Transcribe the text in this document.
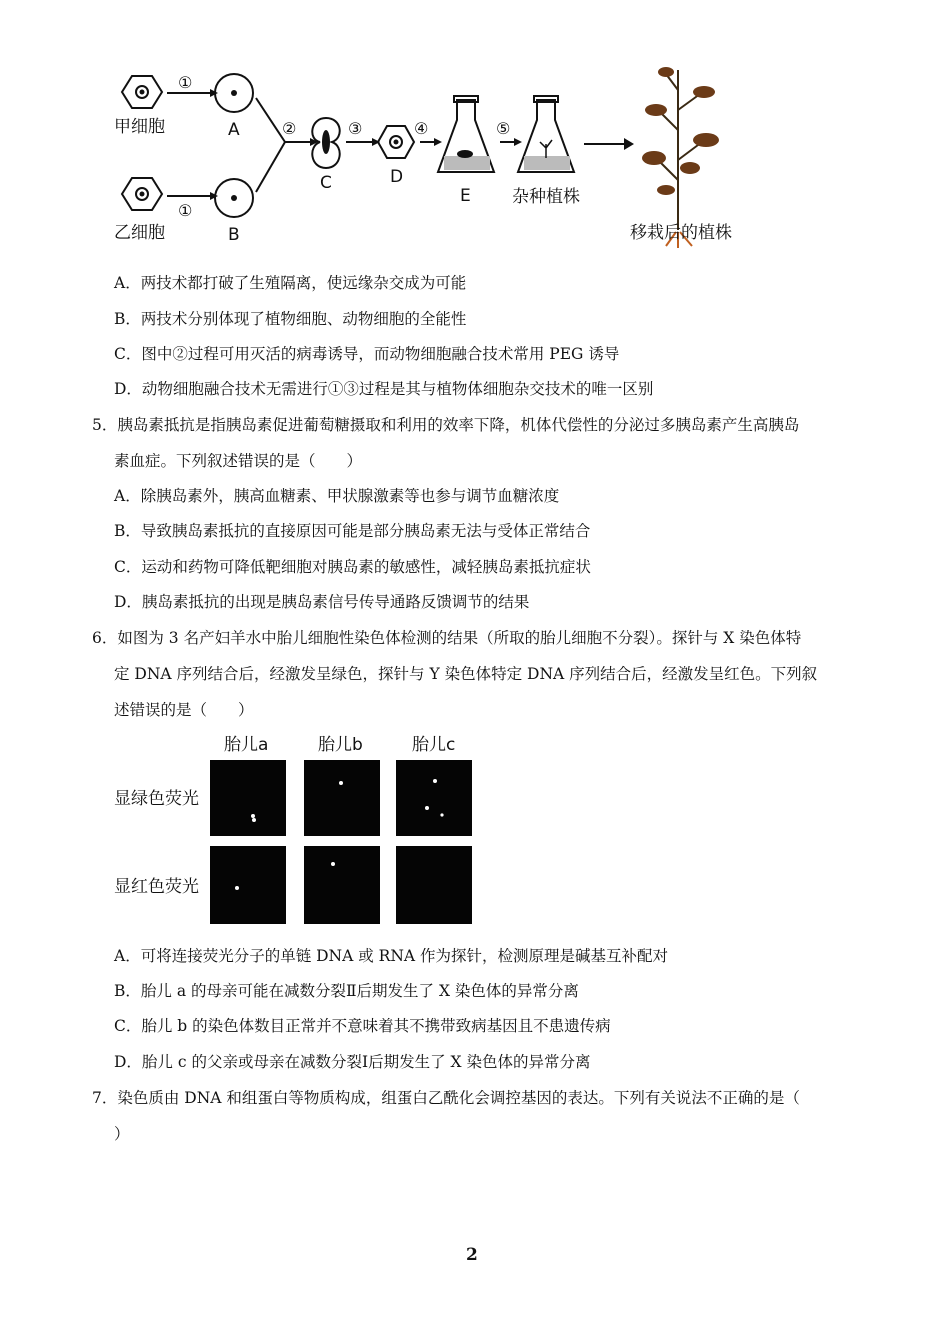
甲细胞
乙细胞
A
B
C	D
E 杂种植株
移栽后的植株
①
①
②	③	④	⑤
A．两技术都打破了生殖隔离，使远缘杂交成为可能
B．两技术分别体现了植物细胞、动物细胞的全能性
C．图中②过程可用灭活的病毒诱导，而动物细胞融合技术常用 PEG 诱导
D．动物细胞融合技术无需进行①③过程是其与植物体细胞杂交技术的唯一区别
5．胰岛素抵抗是指胰岛素促进葡萄糖摄取和利用的效率下降，机体代偿性的分泌过多胰岛素产生高胰岛
素血症。下列叙述错误的是（　　）
A．除胰岛素外，胰高血糖素、甲状腺激素等也参与调节血糖浓度
B．导致胰岛素抵抗的直接原因可能是部分胰岛素无法与受体正常结合
C．运动和药物可降低靶细胞对胰岛素的敏感性，减轻胰岛素抵抗症状
D．胰岛素抵抗的出现是胰岛素信号传导通路反馈调节的结果
6．如图为 3 名产妇羊水中胎儿细胞性染色体检测的结果（所取的胎儿细胞不分裂）。探针与 X 染色体特
定 DNA 序列结合后，经激发呈绿色，探针与 Y 染色体特定 DNA 序列结合后，经激发呈红色。下列叙
述错误的是（　　）
胎儿a	胎儿b	胎儿c
显绿色荧光
显红色荧光
A．可将连接荧光分子的单链 DNA 或 RNA 作为探针，检测原理是碱基互补配对
B．胎儿 a 的母亲可能在减数分裂Ⅱ后期发生了 X 染色体的异常分离
C．胎儿 b 的染色体数目正常并不意味着其不携带致病基因且不患遗传病
D．胎儿 c 的父亲或母亲在减数分裂Ⅰ后期发生了 X 染色体的异常分离
7．染色质由 DNA 和组蛋白等物质构成，组蛋白乙酰化会调控基因的表达。下列有关说法不正确的是（
）
2
